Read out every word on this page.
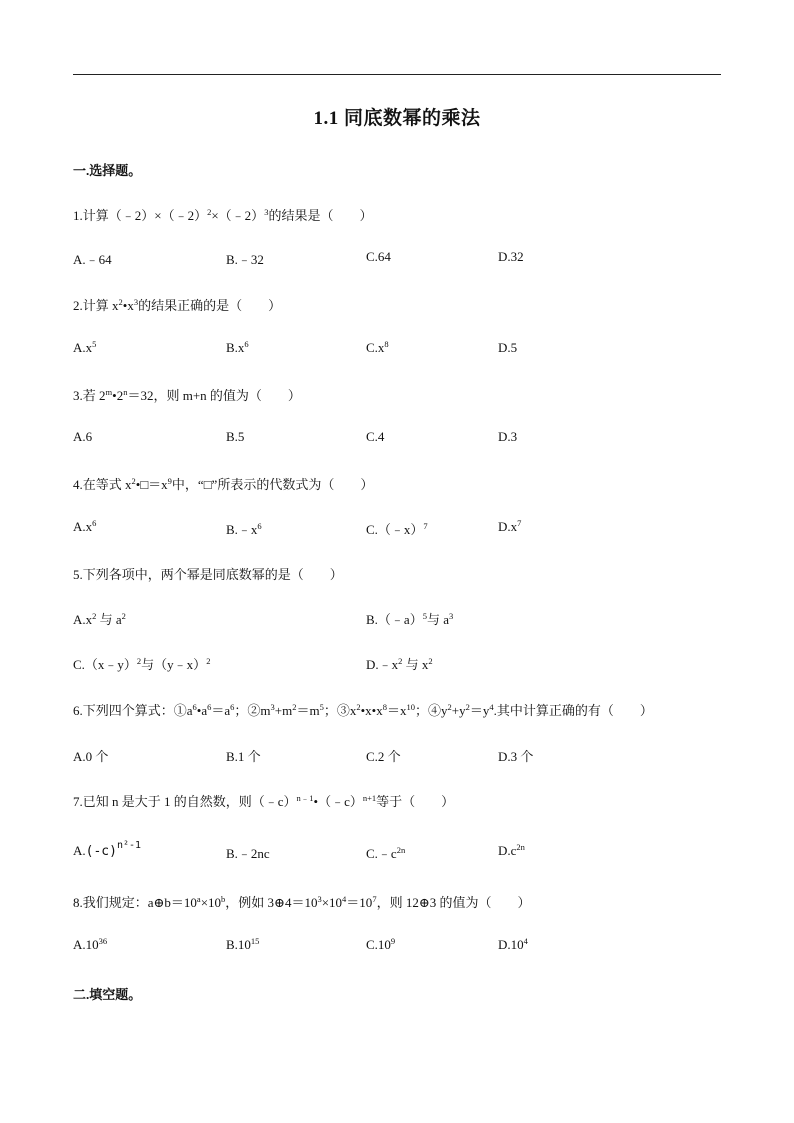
1.1 同底数幂的乘法
一.选择题。
1.计算（﹣2）×（﹣2）$^2$×（﹣2）$^3$的结果是（　　）
A.﹣64	B.﹣32	C.64	D.32
2.计算 $x^2•x^3$的结果正确的是（　　）
$A.x^5$	$B.x^6$	$C.x^8$	D.5
3.若 $2^m•2^n=32$，则 m+n 的值为（　　）
A.6	B.5	C.4	D.3
4.在等式 $x^2•□=x^9$中，“□”所表示的代数式为（　　）
$A.x^6$	$B.﹣x^6$	C.（﹣x）$^7$	$D.x^7$
5.下列各项中，两个幂是同底数幂的是（　　）
$A.x^2$ 与 $a^2$	B.（﹣a）$^5$与 $a^3$
C.（x﹣y）$^2$与（y﹣x）$^2$	$D.﹣x^2$ 与 $x^2$
6.下列四个算式：$①a^6•a^6=a^6$；$②m^3+m^2=m^5$；$③x^2•x•x^8=x^{10}$；$④y^2+y^2=y^4$.其中计算正确的有（　　）
A.0 个	B.1 个	C.2 个	D.3 个
7.已知 n 是大于 1 的自然数，则（﹣c）$^{n﹣1}$•（﹣c）$^{n+1}$等于（　　）
$A.(-c)^{n^2-1}$
B.﹣2nc	$C.﹣c^{2n}$	$D.c^{2n}$
8.我们规定：$a\oplus b=10^a\times 10^b$，例如 $3\oplus 4=10^3\times 10^4=10^7$，则 12⊕3 的值为（　　）
$A.10^{36}$	$B.10^{15}$	$C.10^9$	$D.10^4$
二.填空题。
